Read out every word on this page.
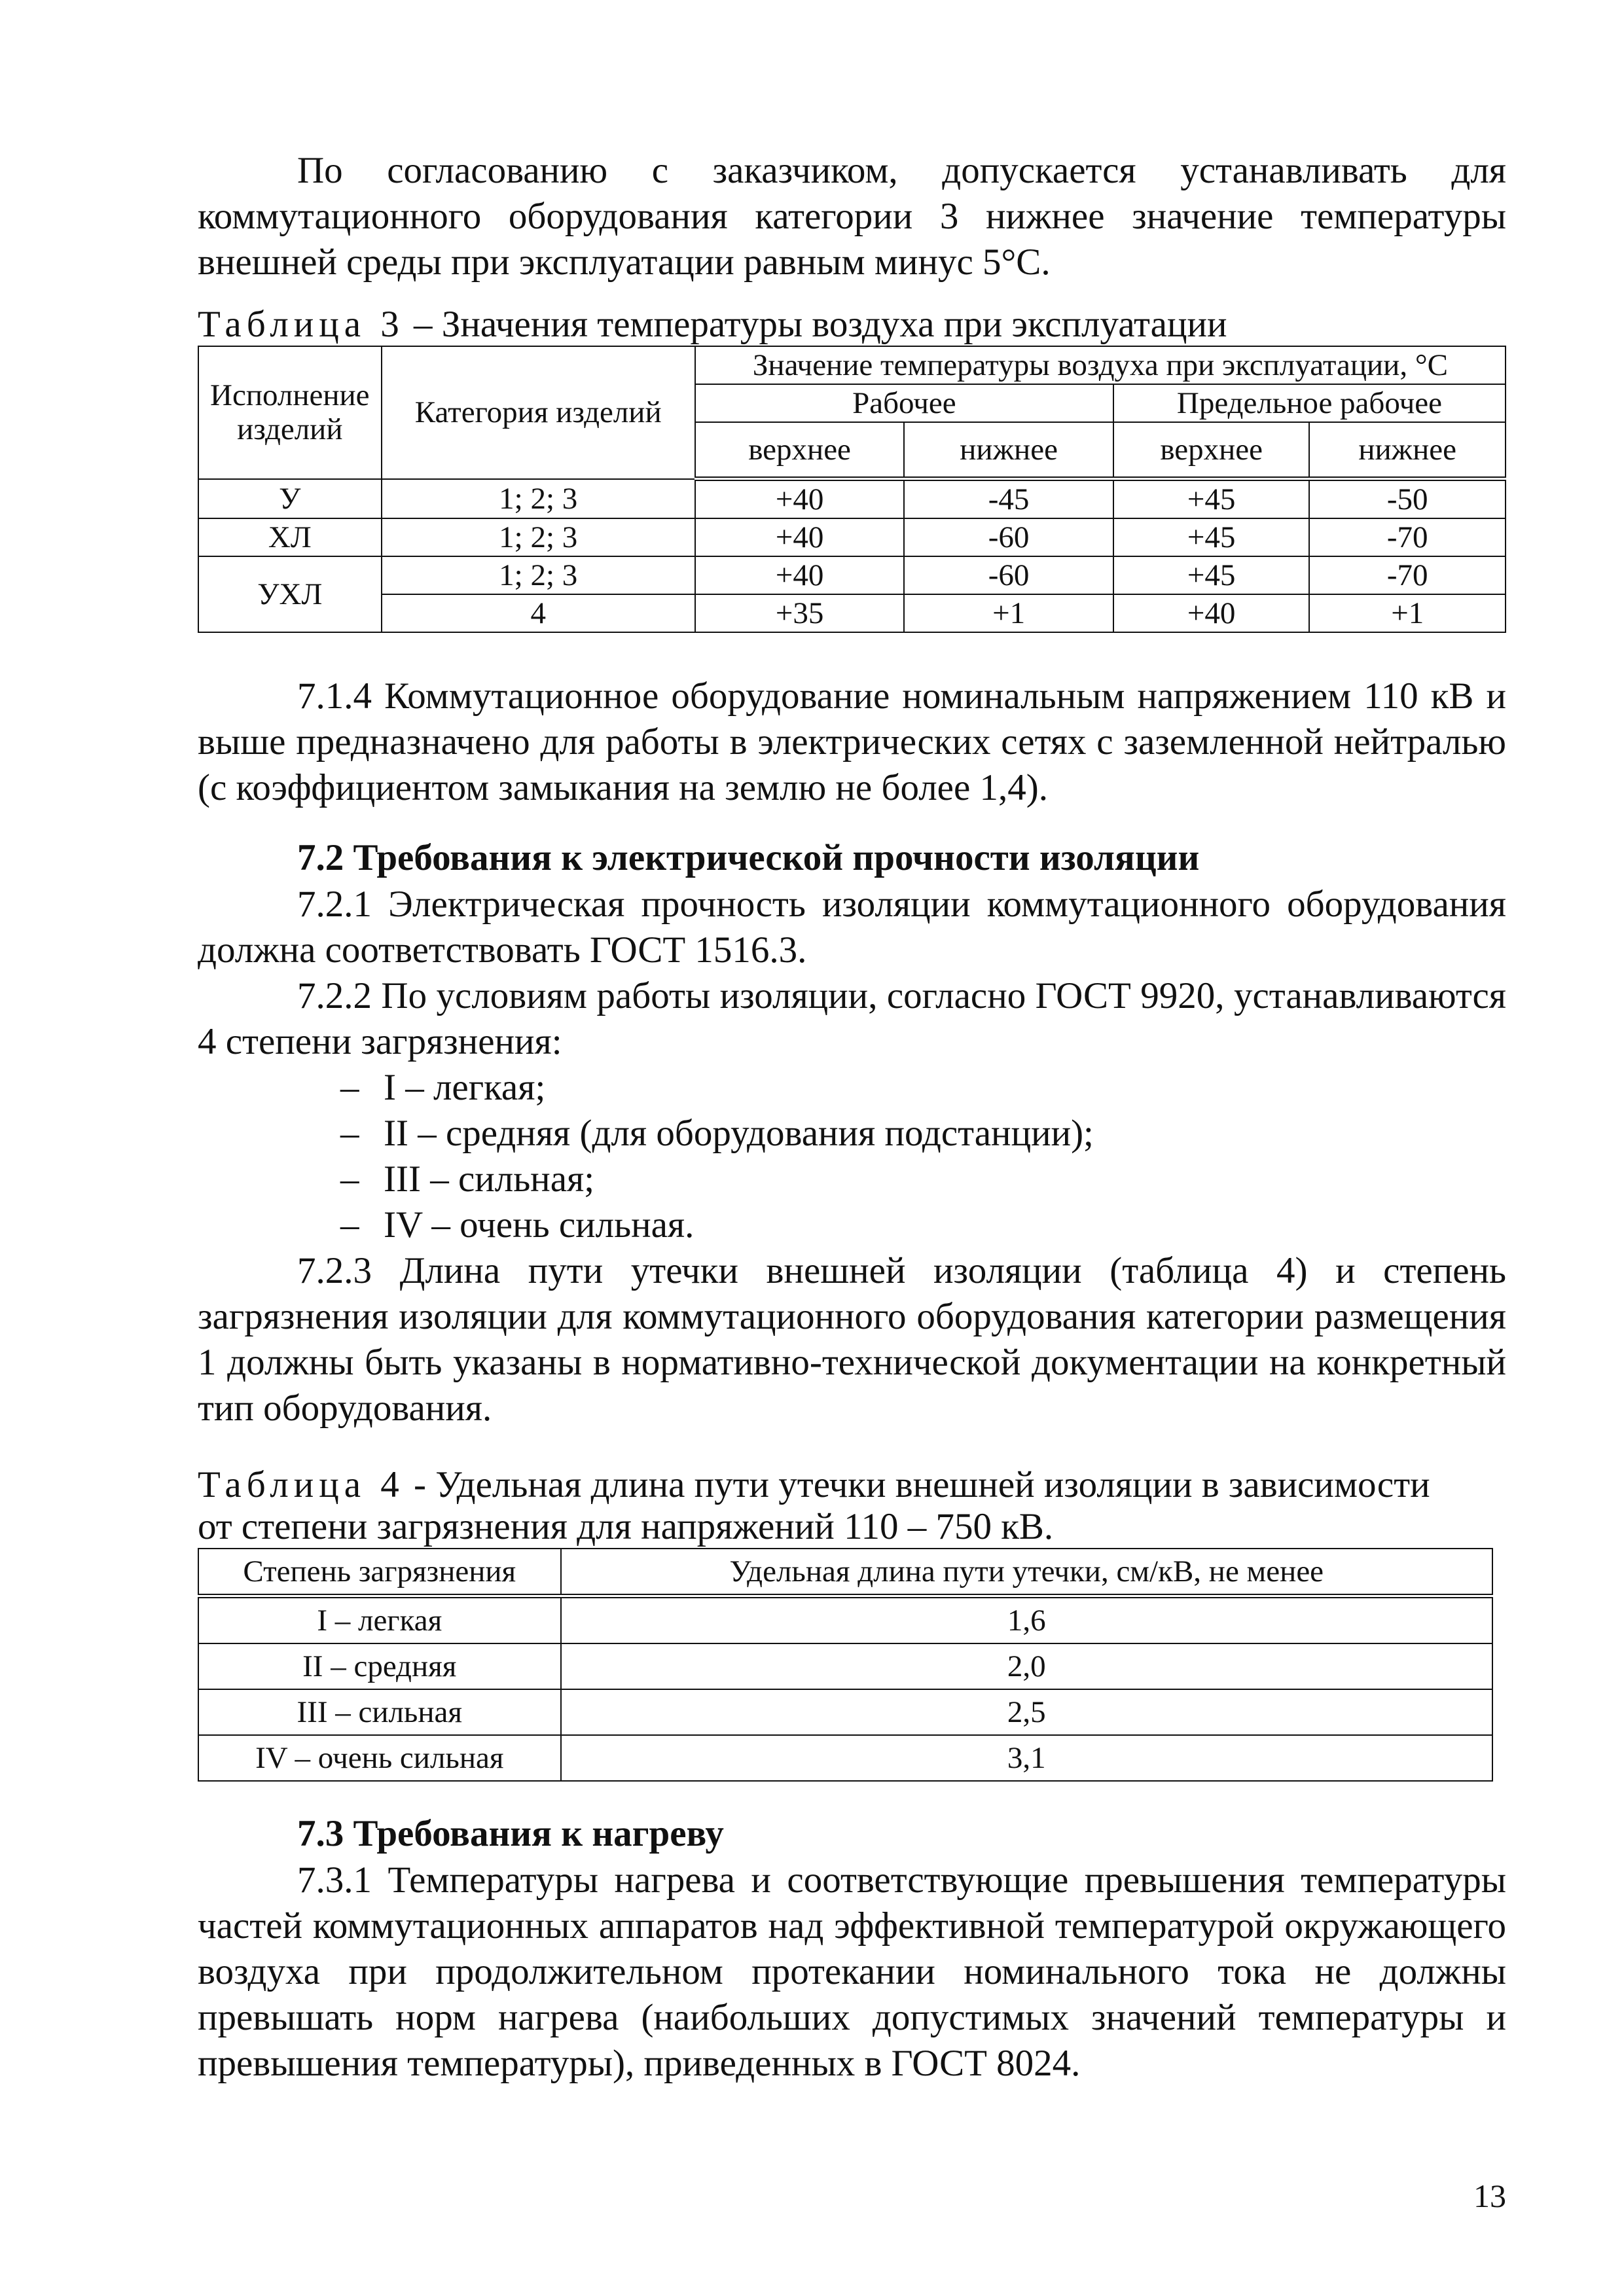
По согласованию с заказчиком, допускается устанавливать для коммутационного оборудования категории 3 нижнее значение температуры внешней среды при эксплуатации равным минус 5°С.

Таблица 3 – Значения температуры воздуха при эксплуатации
Исполнение изделий	Категория изделий	Значение температуры воздуха при эксплуатации, °С			
		Рабочее		Предельное рабочее	
		верхнее	нижнее	верхнее	нижнее
У	1; 2; 3	+40	-45	+45	-50
ХЛ	1; 2; 3	+40	-60	+45	-70
УХЛ	1; 2; 3	+40	-60	+45	-70
	4	+35	+1	+40	+1

7.1.4 Коммутационное оборудование номинальным напряжением 110 кВ и выше предназначено для работы в электрических сетях с заземленной нейтралью (с коэффициентом замыкания на землю не более 1,4).

7.2 Требования к электрической прочности изоляции

7.2.1 Электрическая прочность изоляции коммутационного оборудования должна соответствовать ГОСТ 1516.3.

7.2.2 По условиям работы изоляции, согласно ГОСТ 9920, устанавливаются 4 степени загрязнения:

– I – легкая;
– II – средняя (для оборудования подстанции);
– III – сильная;
– IV – очень сильная.

7.2.3 Длина пути утечки внешней изоляции (таблица 4) и степень загрязнения изоляции для коммутационного оборудования категории размещения 1 должны быть указаны в нормативно-технической документации на конкретный тип оборудования.

Таблица 4 - Удельная длина пути утечки внешней изоляции в зависимости
от степени загрязнения для напряжений 110 – 750 кВ.
Степень загрязнения	Удельная длина пути утечки, см/кВ, не менее
I – легкая	1,6
II – средняя	2,0
III – сильная	2,5
IV – очень сильная	3,1
7.3 Требования к нагреву

7.3.1 Температуры нагрева и соответствующие превышения температуры частей коммутационных аппаратов над эффективной температурой окружающего воздуха при продолжительном протекании номинального тока не должны превышать норм нагрева (наибольших допустимых значений температуры и превышения температуры), приведенных в ГОСТ 8024.

13
